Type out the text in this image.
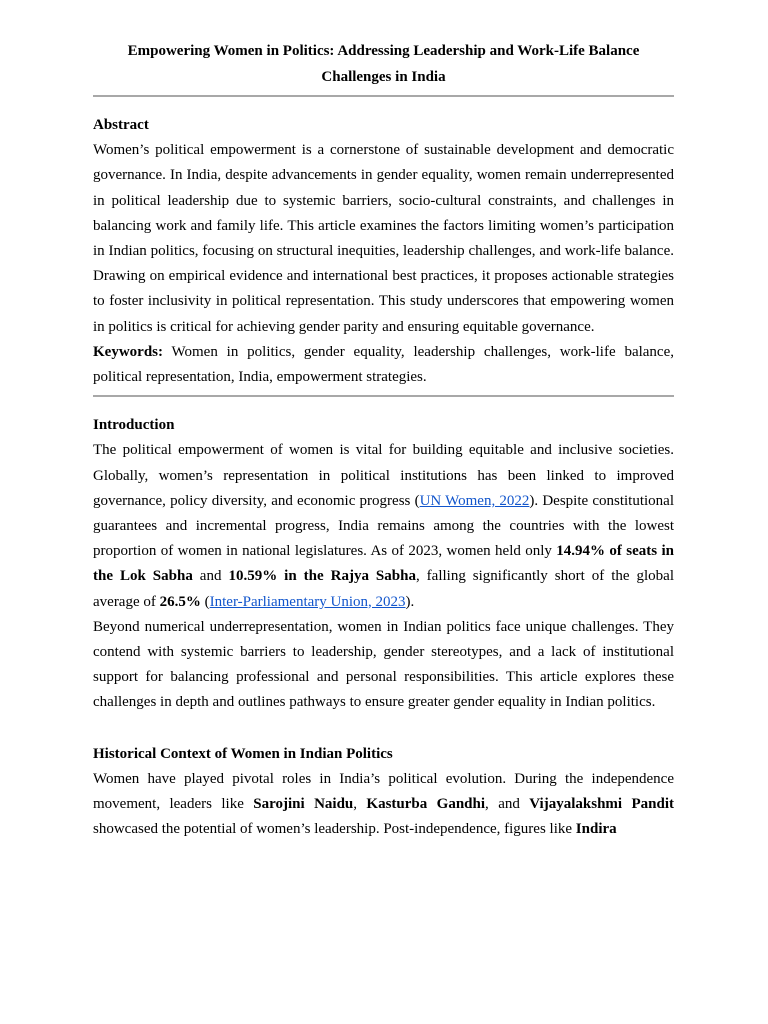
Empowering Women in Politics: Addressing Leadership and Work-Life Balance Challenges in India
Abstract

Women’s political empowerment is a cornerstone of sustainable development and democratic governance. In India, despite advancements in gender equality, women remain underrepresented in political leadership due to systemic barriers, socio-cultural constraints, and challenges in balancing work and family life. This article examines the factors limiting women’s participation in Indian politics, focusing on structural inequities, leadership challenges, and work-life balance. Drawing on empirical evidence and international best practices, it proposes actionable strategies to foster inclusivity in political representation. This study underscores that empowering women in politics is critical for achieving gender parity and ensuring equitable governance.

Keywords: Women in politics, gender equality, leadership challenges, work-life balance, political representation, India, empowerment strategies.

Introduction

The political empowerment of women is vital for building equitable and inclusive societies. Globally, women’s representation in political institutions has been linked to improved governance, policy diversity, and economic progress (UN Women, 2022). Despite constitutional guarantees and incremental progress, India remains among the countries with the lowest proportion of women in national legislatures. As of 2023, women held only 14.94% of seats in the Lok Sabha and 10.59% in the Rajya Sabha, falling significantly short of the global average of 26.5% (Inter-Parliamentary Union, 2023).

Beyond numerical underrepresentation, women in Indian politics face unique challenges. They contend with systemic barriers to leadership, gender stereotypes, and a lack of institutional support for balancing professional and personal responsibilities. This article explores these challenges in depth and outlines pathways to ensure greater gender equality in Indian politics.

Historical Context of Women in Indian Politics

Women have played pivotal roles in India’s political evolution. During the independence movement, leaders like Sarojini Naidu, Kasturba Gandhi, and Vijayalakshmi Pandit showcased the potential of women’s leadership. Post-independence, figures like Indira
